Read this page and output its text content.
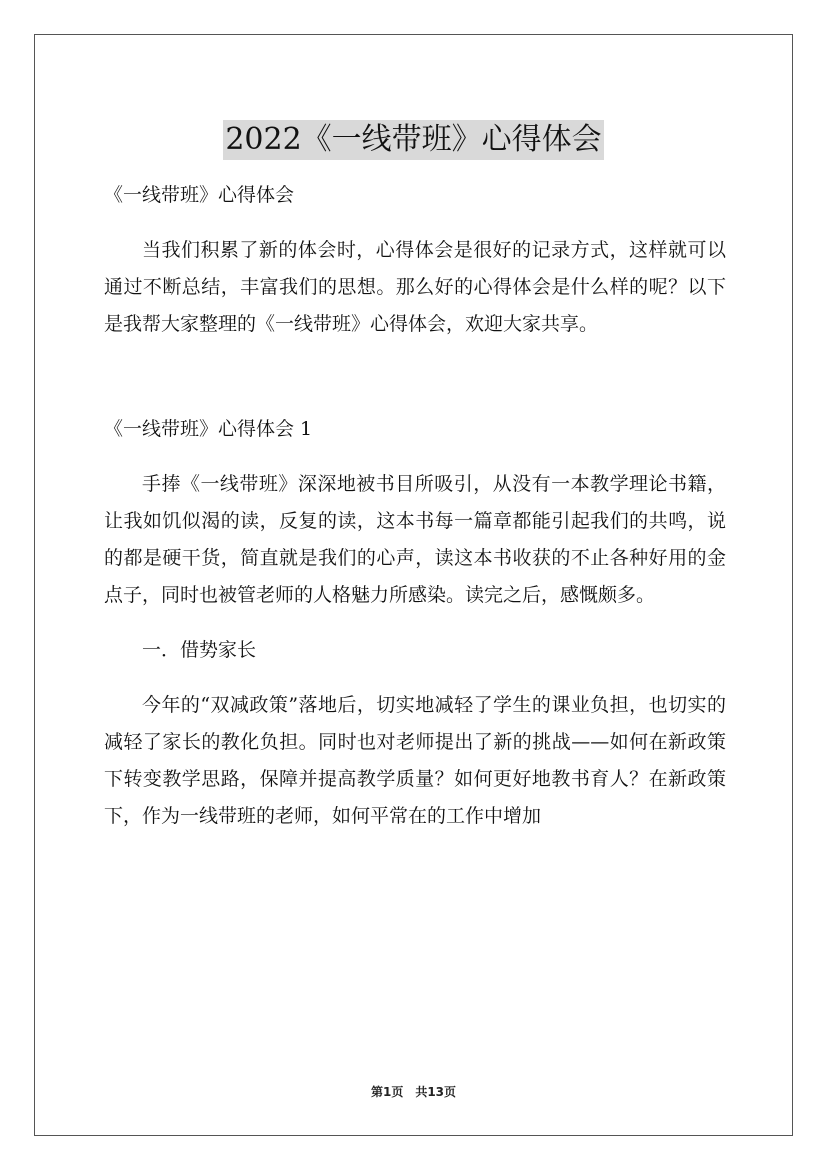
2022《一线带班》心得体会

《一线带班》心得体会

当我们积累了新的体会时，心得体会是很好的记录方式，这样就可以通过不断总结，丰富我们的思想。那么好的心得体会是什么样的呢？以下是我帮大家整理的《一线带班》心得体会，欢迎大家共享。

《一线带班》心得体会 1

手捧《一线带班》深深地被书目所吸引，从没有一本教学理论书籍，让我如饥似渴的读，反复的读，这本书每一篇章都能引起我们的共鸣，说的都是硬干货，简直就是我们的心声，读这本书收获的不止各种好用的金点子，同时也被管老师的人格魅力所感染。读完之后，感慨颇多。

一．借势家长

今年的“双减政策”落地后，切实地减轻了学生的课业负担，也切实的减轻了家长的教化负担。同时也对老师提出了新的挑战——如何在新政策下转变教学思路，保障并提高教学质量？如何更好地教书育人？在新政策下，作为一线带班的老师，如何平常在的工作中增加

第1页　共13页
